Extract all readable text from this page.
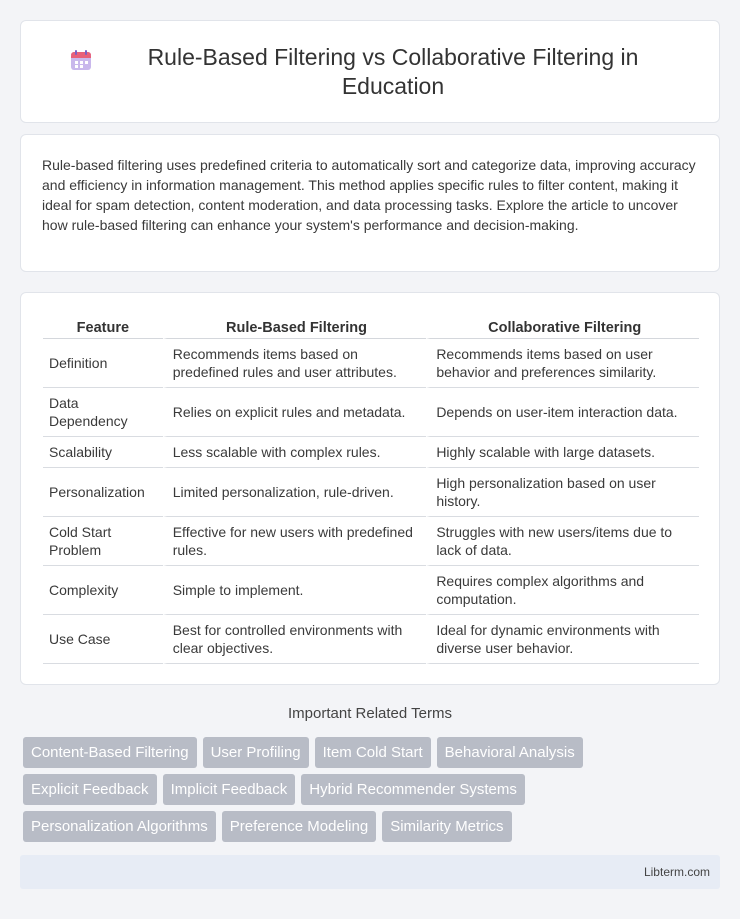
Rule-Based Filtering vs Collaborative Filtering in Education

Rule-based filtering uses predefined criteria to automatically sort and categorize data, improving accuracy and efficiency in information management. This method applies specific rules to filter content, making it ideal for spam detection, content moderation, and data processing tasks. Explore the article to uncover how rule-based filtering can enhance your system's performance and decision-making.

Feature	Rule-Based Filtering	Collaborative Filtering
Definition	Recommends items based on predefined rules and user attributes.	Recommends items based on user behavior and preferences similarity.
Data Dependency	Relies on explicit rules and metadata.	Depends on user-item interaction data.
Scalability	Less scalable with complex rules.	Highly scalable with large datasets.
Personalization	Limited personalization, rule-driven.	High personalization based on user history.
Cold Start Problem	Effective for new users with predefined rules.	Struggles with new users/items due to lack of data.
Complexity	Simple to implement.	Requires complex algorithms and computation.
Use Case	Best for controlled environments with clear objectives.	Ideal for dynamic environments with diverse user behavior.
Important Related Terms
Content-Based Filtering	User Profiling	Item Cold Start	Behavioral Analysis
Explicit Feedback	Implicit Feedback	Hybrid Recommender Systems
Personalization Algorithms	Preference Modeling	Similarity Metrics
Libterm.com
